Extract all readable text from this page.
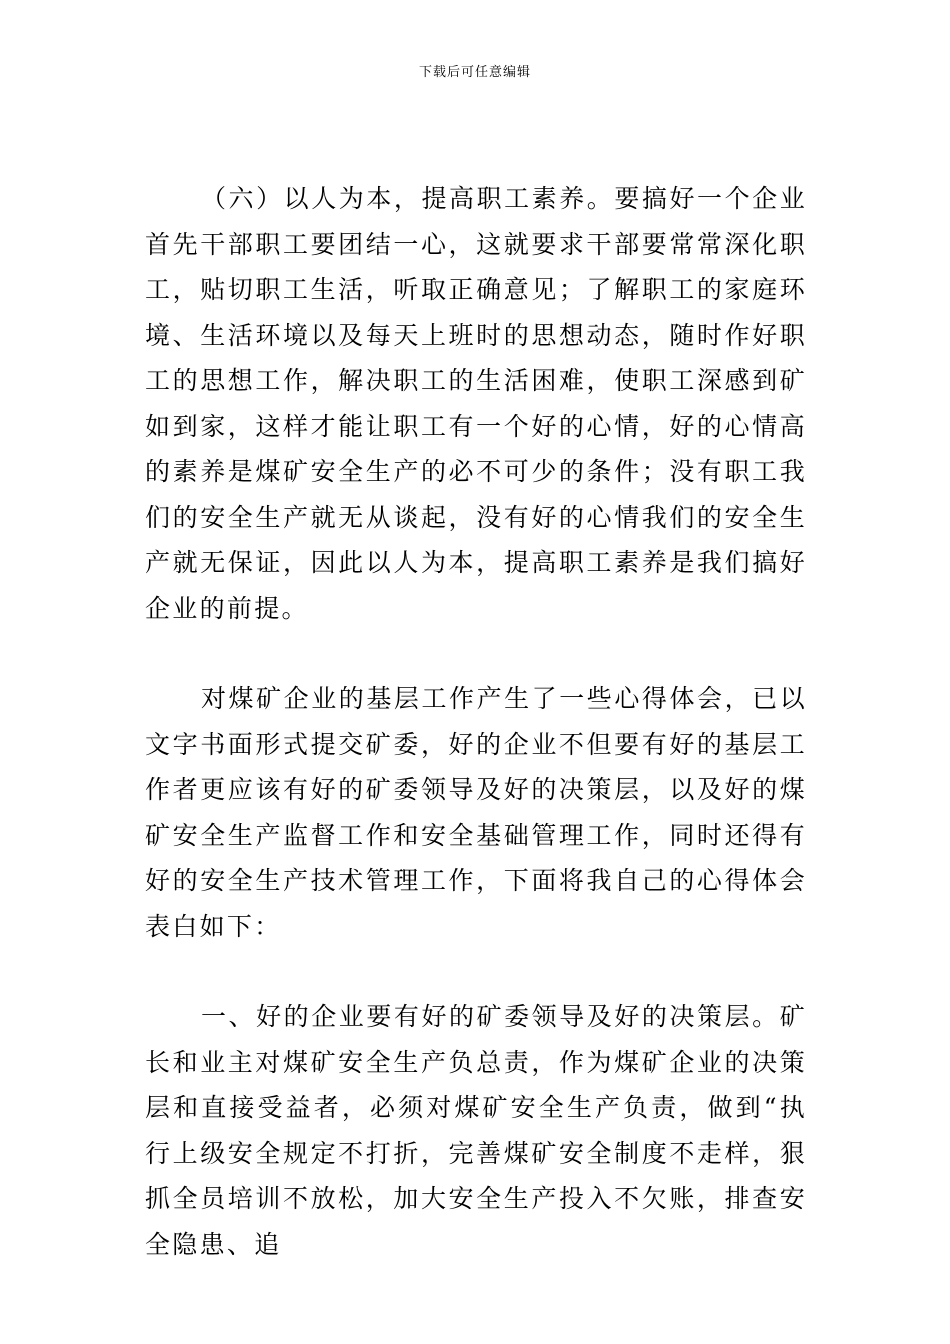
下载后可任意编辑

（六）以人为本，提高职工素养。要搞好一个企业首先干部职工要团结一心，这就要求干部要常常深化职工，贴切职工生活，听取正确意见；了解职工的家庭环境、生活环境以及每天上班时的思想动态，随时作好职工的思想工作，解决职工的生活困难，使职工深感到矿如到家，这样才能让职工有一个好的心情，好的心情高的素养是煤矿安全生产的必不可少的条件；没有职工我们的安全生产就无从谈起，没有好的心情我们的安全生产就无保证，因此以人为本，提高职工素养是我们搞好企业的前提。

对煤矿企业的基层工作产生了一些心得体会，已以文字书面形式提交矿委，好的企业不但要有好的基层工作者更应该有好的矿委领导及好的决策层，以及好的煤矿安全生产监督工作和安全基础管理工作，同时还得有好的安全生产技术管理工作，下面将我自己的心得体会表白如下：

一、好的企业要有好的矿委领导及好的决策层。矿长和业主对煤矿安全生产负总责，作为煤矿企业的决策层和直接受益者，必须对煤矿安全生产负责，做到“执行上级安全规定不打折，完善煤矿安全制度不走样，狠抓全员培训不放松，加大安全生产投入不欠账，排查安全隐患、追
